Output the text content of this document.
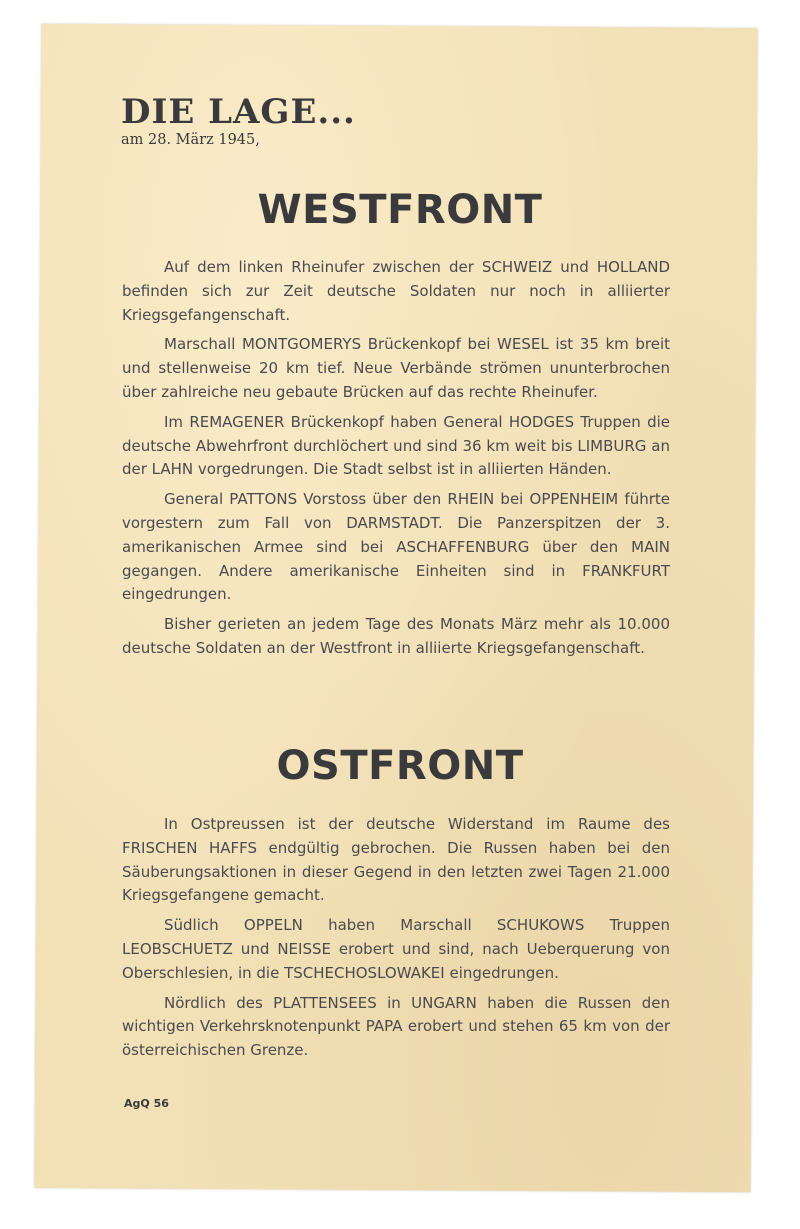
DIE LAGE...
am 28. März 1945,
WESTFRONT

Auf dem linken Rheinufer zwischen der SCHWEIZ und HOLLAND befinden sich zur Zeit deutsche Soldaten nur noch in alliierter Kriegsgefangenschaft.

Marschall MONTGOMERYS Brückenkopf bei WESEL ist 35 km breit und stellenweise 20 km tief. Neue Verbände strömen ununterbrochen über zahlreiche neu gebaute Brücken auf das rechte Rheinufer.

Im REMAGENER Brückenkopf haben General HODGES Truppen die deutsche Abwehrfront durchlöchert und sind 36 km weit bis LIMBURG an der LAHN vorgedrungen. Die Stadt selbst ist in alliierten Händen.

General PATTONS Vorstoss über den RHEIN bei OPPENHEIM führte vorgestern zum Fall von DARMSTADT. Die Panzerspitzen der 3. amerikanischen Armee sind bei ASCHAFFENBURG über den MAIN gegangen. Andere amerikanische Einheiten sind in FRANKFURT eingedrungen.

Bisher gerieten an jedem Tage des Monats März mehr als 10.000 deutsche Soldaten an der Westfront in alliierte Kriegsgefangenschaft.

OSTFRONT

In Ostpreussen ist der deutsche Widerstand im Raume des FRISCHEN HAFFS endgültig gebrochen. Die Russen haben bei den Säuberungsaktionen in dieser Gegend in den letzten zwei Tagen 21.000 Kriegsgefangene gemacht.

Südlich OPPELN haben Marschall SCHUKOWS Truppen LEOBSCHUETZ und NEISSE erobert und sind, nach Ueberquerung von Oberschlesien, in die TSCHECHOSLOWAKEI eingedrungen.

Nördlich des PLATTENSEES in UNGARN haben die Russen den wichtigen Verkehrsknotenpunkt PAPA erobert und stehen 65 km von der österreichischen Grenze.

AgQ 56
